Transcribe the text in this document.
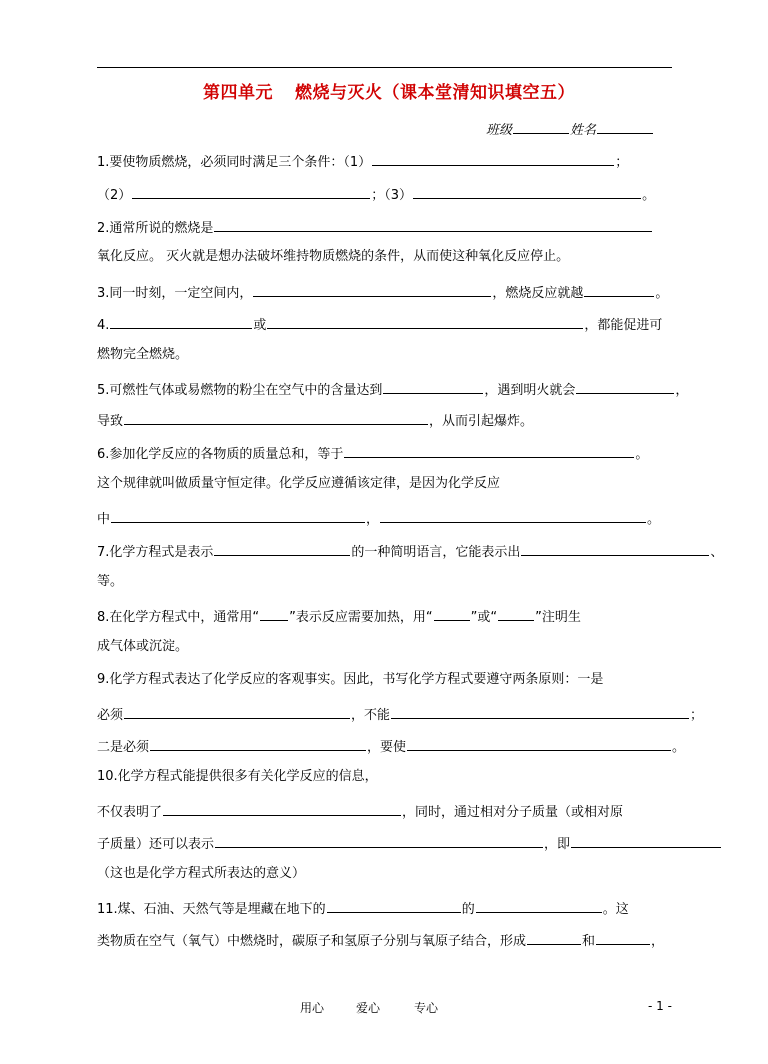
第四单元 燃烧与灭火（课本堂清知识填空五）
班级	姓名
1.要使物质燃烧，必须同时满足三个条件：（1）	；
（2）	；（3）	。
2.通常所说的燃烧是
氧化反应。 灭火就是想办法破坏维持物质燃烧的条件，从而使这种氧化反应停止。
3.同一时刻，一定空间内，	，燃烧反应就越	。
4.	或	，都能促进可
燃物完全燃烧。
5.可燃性气体或易燃物的粉尘在空气中的含量达到	，遇到明火就会	，
导致	，从而引起爆炸。
6.参加化学反应的各物质的质量总和，等于	。
这个规律就叫做质量守恒定律。化学反应遵循该定律，是因为化学反应
中	，	。
7.化学方程式是表示	的一种简明语言，它能表示出	、
等。
8.在化学方程式中，通常用“ ”表示反应需要加热，用“	”或“	”注明生
成气体或沉淀。
9.化学方程式表达了化学反应的客观事实。因此，书写化学方程式要遵守两条原则：一是
必须	，不能	；
二是必须	，要使	。
10.化学方程式能提供很多有关化学反应的信息，
不仅表明了	，同时，通过相对分子质量（或相对原
子质量）还可以表示	，即
（这也是化学方程式所表达的意义）
11.煤、石油、天然气等是埋藏在地下的	的	。这
类物质在空气（氧气）中燃烧时，碳原子和氢原子分别与氧原子结合，形成	和	，
用心	爱心	专心	- 1 -
